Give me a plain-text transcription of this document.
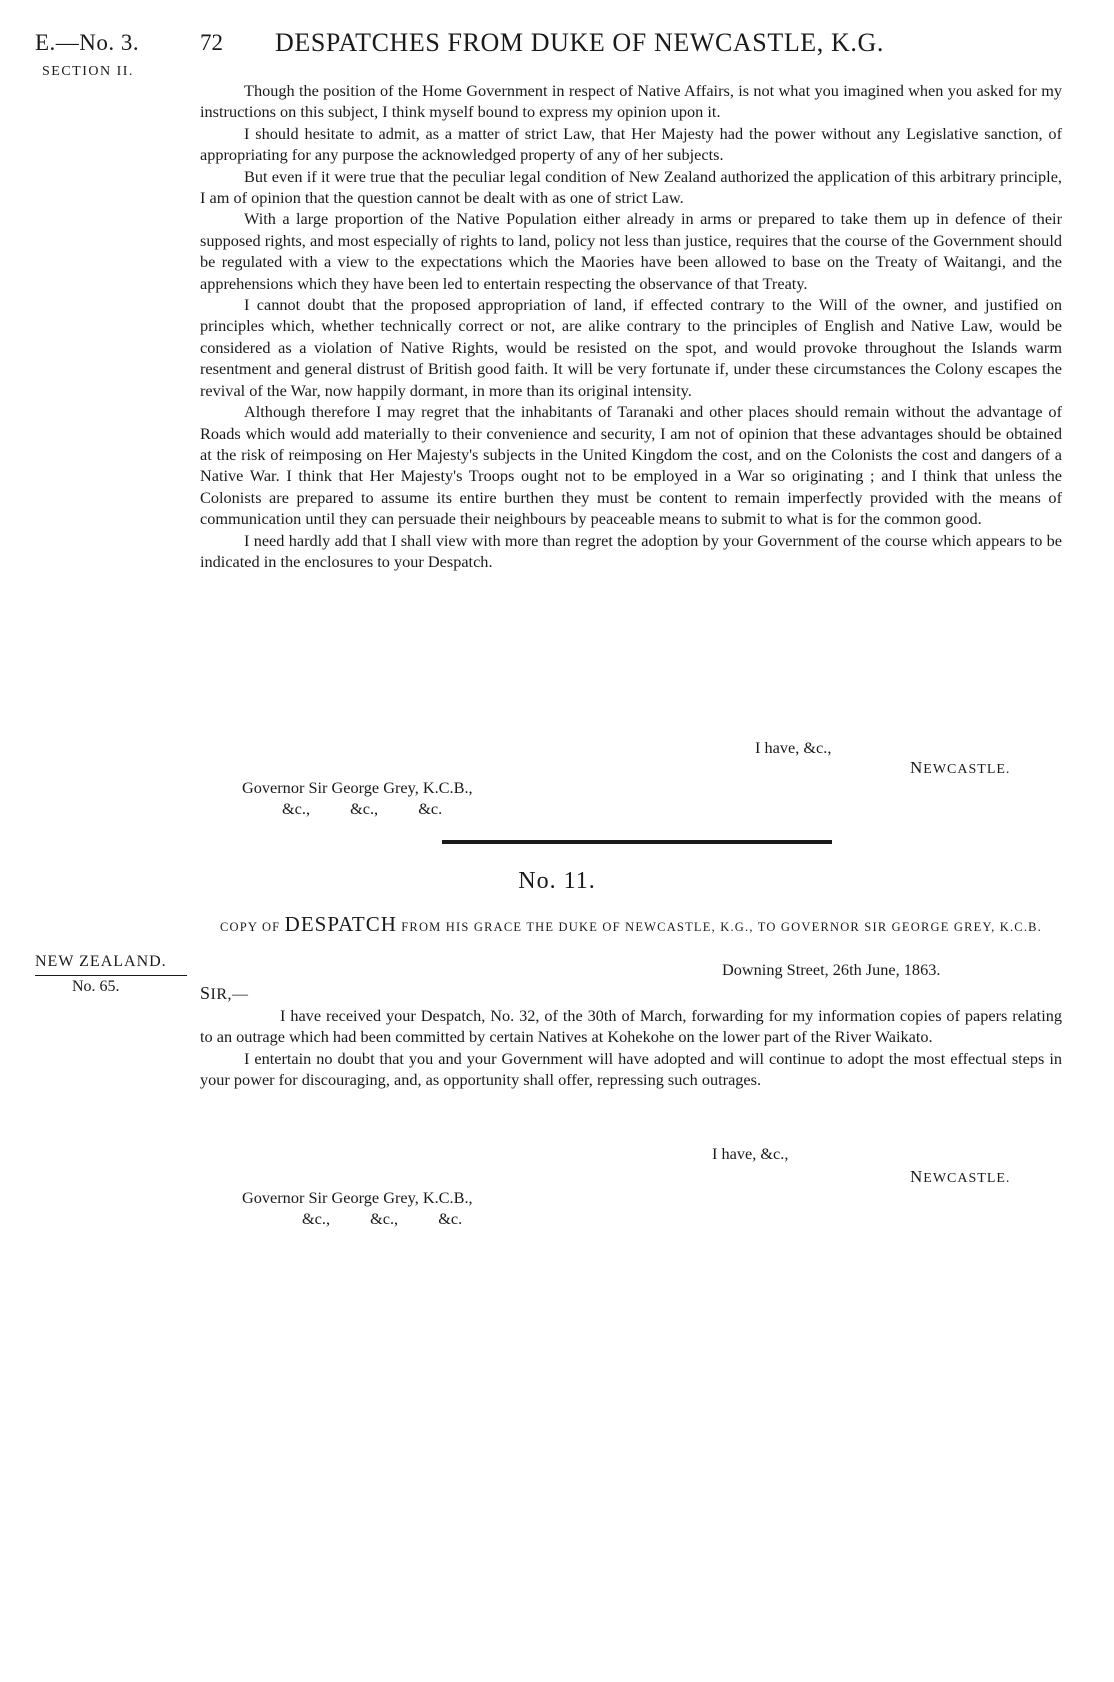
E.—No. 3.
SECTION II.
72 DESPATCHES FROM DUKE OF NEWCASTLE, K.G.

Though the position of the Home Government in respect of Native Affairs, is not what you imagined when you asked for my instructions on this subject, I think myself bound to express my opinion upon it.

I should hesitate to admit, as a matter of strict Law, that Her Majesty had the power without any Legislative sanction, of appropriating for any purpose the acknowledged property of any of her subjects.

But even if it were true that the peculiar legal condition of New Zealand authorized the application of this arbitrary principle, I am of opinion that the question cannot be dealt with as one of strict Law.

With a large proportion of the Native Population either already in arms or prepared to take them up in defence of their supposed rights, and most especially of rights to land, policy not less than justice, requires that the course of the Government should be regulated with a view to the expectations which the Maories have been allowed to base on the Treaty of Waitangi, and the apprehensions which they have been led to entertain respecting the observance of that Treaty.

I cannot doubt that the proposed appropriation of land, if effected contrary to the Will of the owner, and justified on principles which, whether technically correct or not, are alike contrary to the principles of English and Native Law, would be considered as a violation of Native Rights, would be resisted on the spot, and would provoke throughout the Islands warm resentment and general distrust of British good faith. It will be very fortunate if, under these circumstances the Colony escapes the revival of the War, now happily dormant, in more than its original intensity.

Although therefore I may regret that the inhabitants of Taranaki and other places should remain without the advantage of Roads which would add materially to their convenience and security, I am not of opinion that these advantages should be obtained at the risk of reimposing on Her Majesty's subjects in the United Kingdom the cost, and on the Colonists the cost and dangers of a Native War. I think that Her Majesty's Troops ought not to be employed in a War so originating ; and I think that unless the Colonists are prepared to assume its entire burthen they must be content to remain imperfectly provided with the means of communication until they can persuade their neighbours by peaceable means to submit to what is for the common good.

I need hardly add that I shall view with more than regret the adoption by your Government of the course which appears to be indicated in the enclosures to your Despatch.

I have, &c.,
NEWCASTLE.
Governor Sir George Grey, K.C.B.,
&c., &c., &c.
No. 11.
COPY OF DESPATCH FROM HIS GRACE THE DUKE OF NEWCASTLE, K.G., TO GOVERNOR SIR GEORGE GREY, K.C.B.
NEW ZEALAND.
No. 65.
Downing Street, 26th June, 1863.
SIR,—

I have received your Despatch, No. 32, of the 30th of March, forwarding for my information copies of papers relating to an outrage which had been committed by certain Natives at Kohekohe on the lower part of the River Waikato.

I entertain no doubt that you and your Government will have adopted and will continue to adopt the most effectual steps in your power for discouraging, and, as opportunity shall offer, repressing such outrages.

I have, &c.,
NEWCASTLE.
Governor Sir George Grey, K.C.B.,
&c., &c., &c.
